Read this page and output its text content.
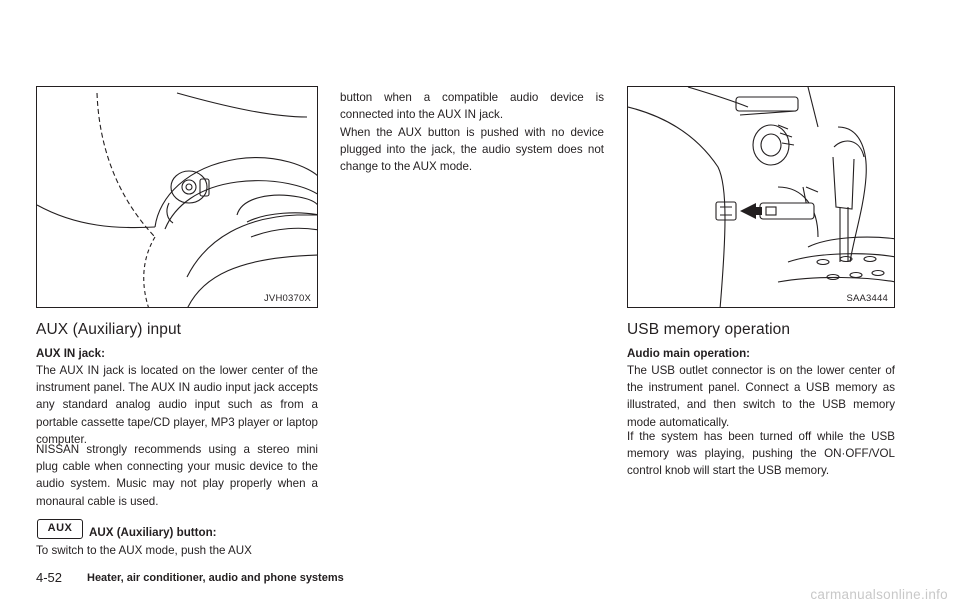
JVH0370X
AUX (Auxiliary) input
AUX IN jack:

The AUX IN jack is located on the lower center of the instrument panel. The AUX IN audio input jack accepts any standard analog audio input such as from a portable cassette tape/CD player, MP3 player or laptop computer.

NISSAN strongly recommends using a stereo mini plug cable when connecting your music device to the audio system. Music may not play properly when a monaural cable is used.

AUX	AUX (Auxiliary) button:

To switch to the AUX mode, push the AUX

button when a compatible audio device is connected into the AUX IN jack.

When the AUX button is pushed with no device plugged into the jack, the audio system does not change to the AUX mode.

SAA3444
USB memory operation
Audio main operation:

The USB outlet connector is on the lower center of the instrument panel. Connect a USB memory as illustrated, and then switch to the USB memory mode automatically.

If the system has been turned off while the USB memory was playing, pushing the ON·OFF/VOL control knob will start the USB memory.

4-52 Heater, air conditioner, audio and phone systems
carmanualsonline.info
